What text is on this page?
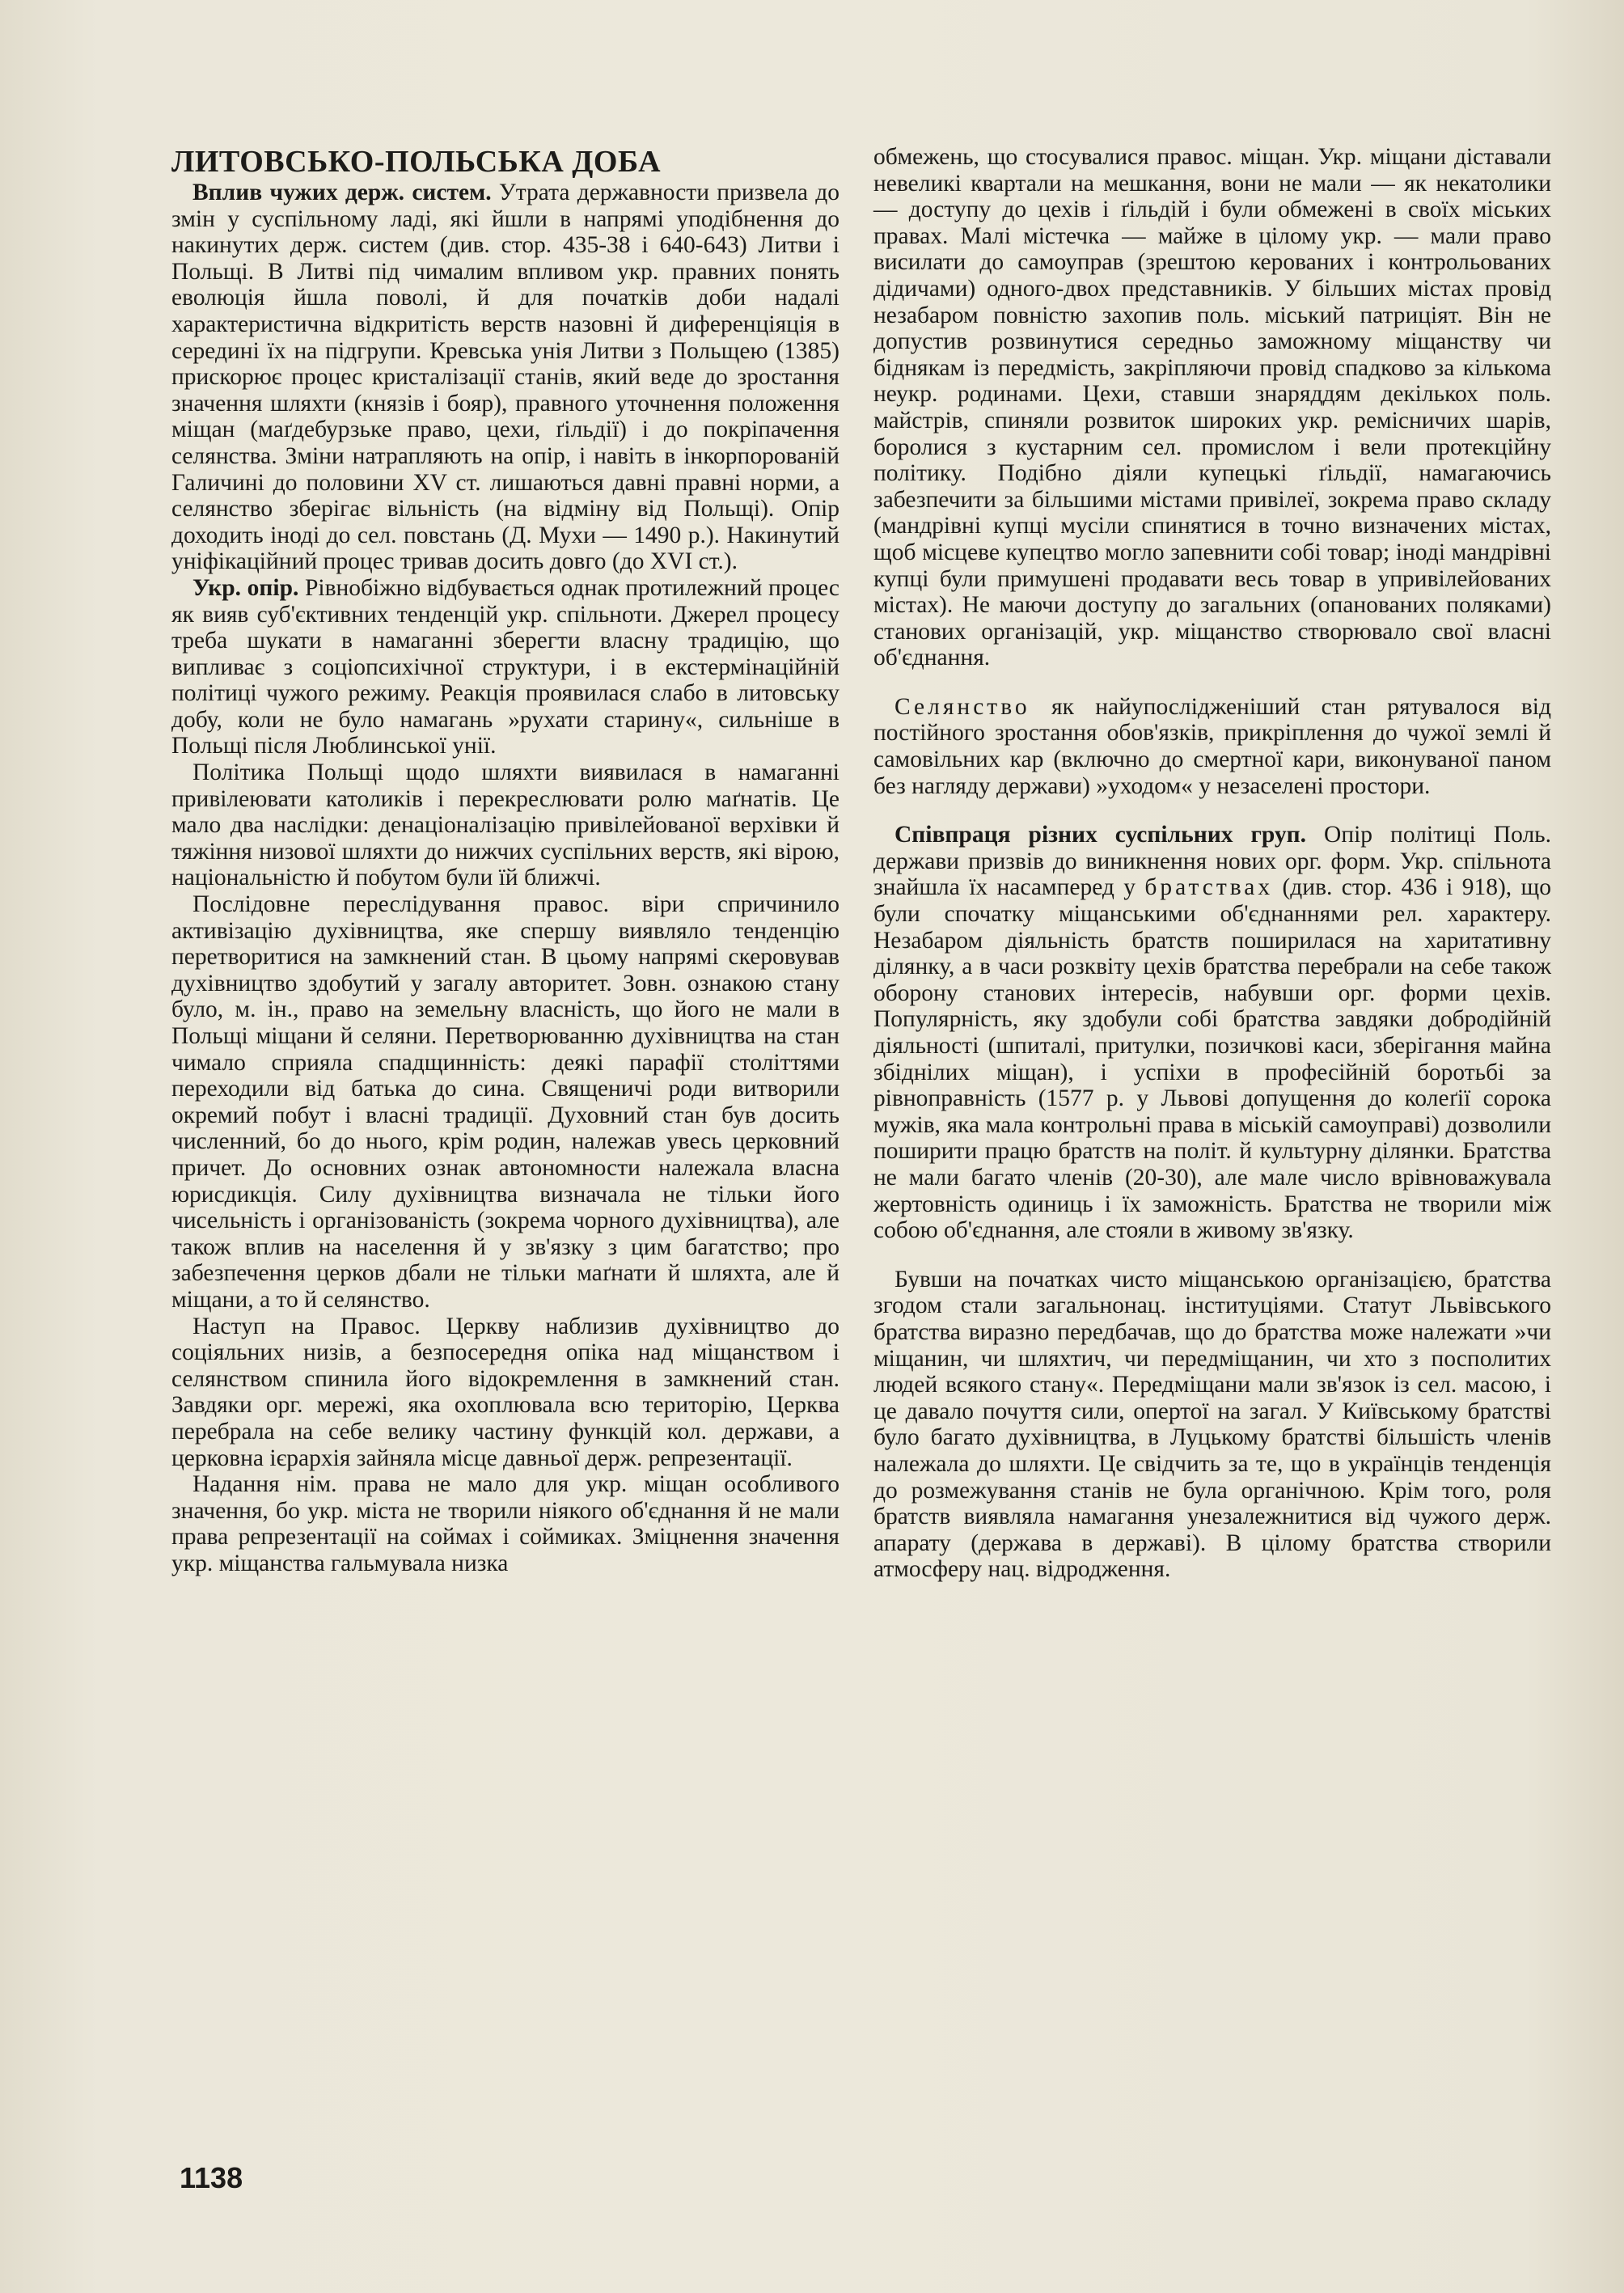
ЛИТОВСЬКО-ПОЛЬСЬКА ДОБА

Вплив чужих держ. систем. Утрата державности призвела до змін у суспільному ладі, які йшли в напрямі уподібнення до накинутих держ. систем (див. стор. 435-38 і 640-643) Литви і Польщі. В Литві під чималим впливом укр. правних понять еволюція йшла поволі, й для початків доби надалі характеристична відкритість верств назовні й диференціяція в середині їх на підгрупи. Кревська унія Литви з Польщею (1385) прискорює процес кристалізації станів, який веде до зростання значення шляхти (князів і бояр), правного уточнення положення міщан (маґдебурзьке право, цехи, ґільдії) і до покріпачення селянства. Зміни натрапляють на опір, і навіть в інкорпорованій Галичині до половини XV ст. лишаються давні правні норми, а селянство зберігає вільність (на відміну від Польщі). Опір доходить іноді до сел. повстань (Д. Мухи — 1490 р.). Накинутий уніфікаційний процес тривав досить довго (до XVI ст.).

Укр. опір. Рівнобіжно відбувається однак протилежний процес як вияв суб'єктивних тенденцій укр. спільноти. Джерел процесу треба шукати в намаганні зберегти власну традицію, що випливає з соціопсихічної структури, і в екстермінаційній політиці чужого режиму. Реакція проявилася слабо в литовську добу, коли не було намагань »рухати старину«, сильніше в Польщі після Люблинської унії.

Політика Польщі щодо шляхти виявилася в намаганні привілеювати католиків і перекреслювати ролю маґнатів. Це мало два наслідки: денаціоналізацію привілейованої верхівки й тяжіння низової шляхти до нижчих суспільних верств, які вірою, національністю й побутом були їй ближчі.

Послідовне переслідування правос. віри спричинило активізацію духівництва, яке спершу виявляло тенденцію перетворитися на замкнений стан. В цьому напрямі скеровував духівництво здобутий у загалу авторитет. Зовн. ознакою стану було, м. ін., право на земельну власність, що його не мали в Польщі міщани й селяни. Перетворюванню духівництва на стан чимало сприяла спадщинність: деякі парафії століттями переходили від батька до сина. Священичі роди витворили окремий побут і власні традиції. Духовний стан був досить численний, бо до нього, крім родин, належав увесь церковний причет. До основних ознак автономности належала власна юрисдикція. Силу духівництва визначала не тільки його чисельність і організованість (зокрема чорного духівництва), але також вплив на населення й у зв'язку з цим багатство; про забезпечення церков дбали не тільки маґнати й шляхта, але й міщани, а то й селянство.

Наступ на Правос. Церкву наблизив духівництво до соціяльних низів, а безпосередня опіка над міщанством і селянством спинила його відокремлення в замкнений стан. Завдяки орг. мережі, яка охоплювала всю територію, Церква перебрала на себе велику частину функцій кол. держави, а церковна ієрархія зайняла місце давньої держ. репрезентації.

Надання нім. права не мало для укр. міщан особливого значення, бо укр. міста не творили ніякого об'єднання й не мали права репрезентації на соймах і соймиках. Зміцнення значення укр. міщанства гальмувала низка

обмежень, що стосувалися правос. міщан. Укр. міщани діставали невеликі квартали на мешкання, вони не мали — як некатолики — доступу до цехів і ґільдій і були обмежені в своїх міських правах. Малі містечка — майже в цілому укр. — мали право висилати до самоуправ (зрештою керованих і контрольованих дідичами) одного-двох представників. У більших містах провід незабаром повністю захопив поль. міський патриціят. Він не допустив розвинутися середньо заможному міщанству чи біднякам із передмість, закріпляючи провід спадково за кількома неукр. родинами. Цехи, ставши знаряддям декількох поль. майстрів, спиняли розвиток широких укр. ремісничих шарів, боролися з кустарним сел. промислом і вели протекційну політику. Подібно діяли купецькі ґільдії, намагаючись забезпечити за більшими містами привілеї, зокрема право складу (мандрівні купці мусіли спинятися в точно визначених містах, щоб місцеве купецтво могло запевнити собі товар; іноді мандрівні купці були примушені продавати весь товар в упривілейованих містах). Не маючи доступу до загальних (опанованих поляками) станових організацій, укр. міщанство створювало свої власні об'єднання.

Селянство як найупослідженіший стан рятувалося від постійного зростання обов'язків, прикріплення до чужої землі й самовільних кар (включно до смертної кари, виконуваної паном без нагляду держави) »уходом« у незаселені простори.

Співпраця різних суспільних груп. Опір політиці Поль. держави призвів до виникнення нових орг. форм. Укр. спільнота знайшла їх насамперед у братствах (див. стор. 436 і 918), що були спочатку міщанськими об'єднаннями рел. характеру. Незабаром діяльність братств поширилася на харитативну ділянку, а в часи розквіту цехів братства перебрали на себе також оборону станових інтересів, набувши орг. форми цехів. Популярність, яку здобули собі братства завдяки добродійній діяльності (шпиталі, притулки, позичкові каси, зберігання майна збіднілих міщан), і успіхи в професійній боротьбі за рівноправність (1577 р. у Львові допущення до колеґії сорока мужів, яка мала контрольні права в міській самоуправі) дозволили поширити працю братств на політ. й культурну ділянки. Братства не мали багато членів (20-30), але мале число врівноважувала жертовність одиниць і їх заможність. Братства не творили між собою об'єднання, але стояли в живому зв'язку.

Бувши на початках чисто міщанською організацією, братства згодом стали загальнонац. інституціями. Статут Львівського братства виразно передбачав, що до братства може належати »чи міщанин, чи шляхтич, чи передміщанин, чи хто з посполитих людей всякого стану«. Передміщани мали зв'язок із сел. масою, і це давало почуття сили, опертої на загал. У Київському братстві було багато духівництва, в Луцькому братстві більшість членів належала до шляхти. Це свідчить за те, що в українців тенденція до розмежування станів не була органічною. Крім того, роля братств виявляла намагання унезалежнитися від чужого держ. апарату (держава в державі). В цілому братства створили атмосферу нац. відродження.

1138
